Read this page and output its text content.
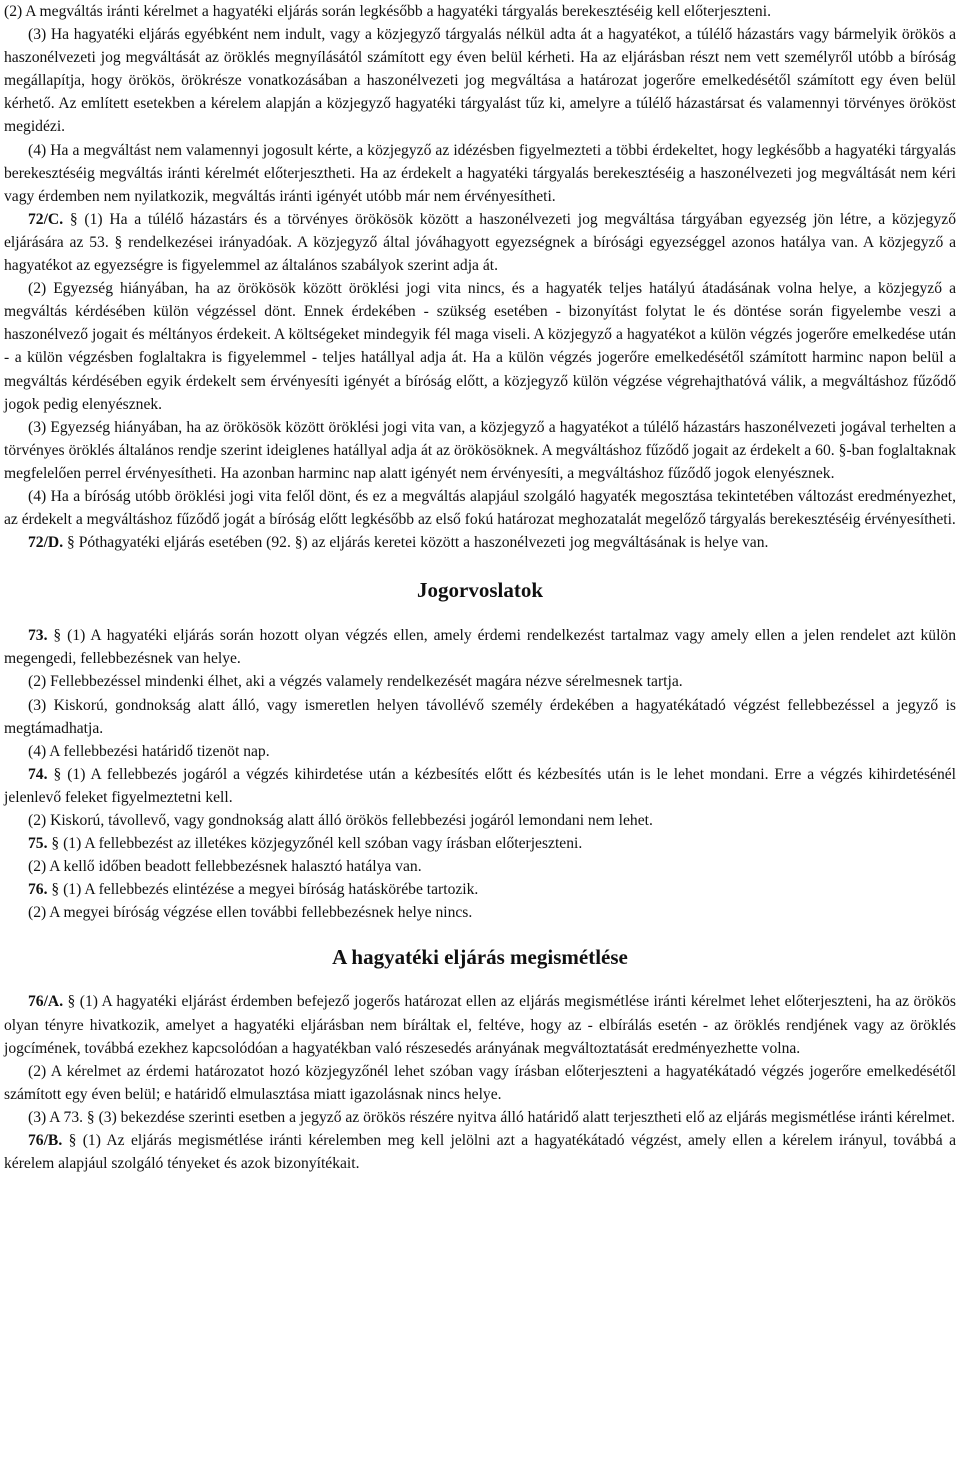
(2) A megváltás iránti kérelmet a hagyatéki eljárás során legkésőbb a hagyatéki tárgyalás berekesztéséig kell előterjeszteni.

(3) Ha hagyatéki eljárás egyébként nem indult, vagy a közjegyző tárgyalás nélkül adta át a hagyatékot, a túlélő házastárs vagy bármelyik örökös a haszonélvezeti jog megváltását az öröklés megnyílásától számított egy éven belül kérheti. Ha az eljárásban részt nem vett személyről utóbb a bíróság megállapítja, hogy örökös, örökrésze vonatkozásában a haszonélvezeti jog megváltása a határozat jogerőre emelkedésétől számított egy éven belül kérhető. Az említett esetekben a kérelem alapján a közjegyző hagyatéki tárgyalást tűz ki, amelyre a túlélő házastársat és valamennyi törvényes örököst megidézi.

(4) Ha a megváltást nem valamennyi jogosult kérte, a közjegyző az idézésben figyelmezteti a többi érdekeltet, hogy legkésőbb a hagyatéki tárgyalás berekesztéséig megváltás iránti kérelmét előterjesztheti. Ha az érdekelt a hagyatéki tárgyalás berekesztéséig a haszonélvezeti jog megváltását nem kéri vagy érdemben nem nyilatkozik, megváltás iránti igényét utóbb már nem érvényesítheti.

72/C. § (1) Ha a túlélő házastárs és a törvényes örökösök között a haszonélvezeti jog megváltása tárgyában egyezség jön létre, a közjegyző eljárására az 53. § rendelkezései irányadóak. A közjegyző által jóváhagyott egyezségnek a bírósági egyezséggel azonos hatálya van. A közjegyző a hagyatékot az egyezségre is figyelemmel az általános szabályok szerint adja át.

(2) Egyezség hiányában, ha az örökösök között öröklési jogi vita nincs, és a hagyaték teljes hatályú átadásának volna helye, a közjegyző a megváltás kérdésében külön végzéssel dönt. Ennek érdekében - szükség esetében - bizonyítást folytat le és döntése során figyelembe veszi a haszonélvező jogait és méltányos érdekeit. A költségeket mindegyik fél maga viseli. A közjegyző a hagyatékot a külön végzés jogerőre emelkedése után - a külön végzésben foglaltakra is figyelemmel - teljes hatállyal adja át. Ha a külön végzés jogerőre emelkedésétől számított harminc napon belül a megváltás kérdésében egyik érdekelt sem érvényesíti igényét a bíróság előtt, a közjegyző külön végzése végrehajthatóvá válik, a megváltáshoz fűződő jogok pedig elenyésznek.

(3) Egyezség hiányában, ha az örökösök között öröklési jogi vita van, a közjegyző a hagyatékot a túlélő házastárs haszonélvezeti jogával terhelten a törvényes öröklés általános rendje szerint ideiglenes hatállyal adja át az örökösöknek. A megváltáshoz fűződő jogait az érdekelt a 60. §-ban foglaltaknak megfelelően perrel érvényesítheti. Ha azonban harminc nap alatt igényét nem érvényesíti, a megváltáshoz fűződő jogok elenyésznek.

(4) Ha a bíróság utóbb öröklési jogi vita felől dönt, és ez a megváltás alapjául szolgáló hagyaték megosztása tekintetében változást eredményezhet, az érdekelt a megváltáshoz fűződő jogát a bíróság előtt legkésőbb az első fokú határozat meghozatalát megelőző tárgyalás berekesztéséig érvényesítheti.

72/D. § Póthagyatéki eljárás esetében (92. §) az eljárás keretei között a haszonélvezeti jog megváltásának is helye van.

Jogorvoslatok

73. § (1) A hagyatéki eljárás során hozott olyan végzés ellen, amely érdemi rendelkezést tartalmaz vagy amely ellen a jelen rendelet azt külön megengedi, fellebbezésnek van helye.

(2) Fellebbezéssel mindenki élhet, aki a végzés valamely rendelkezését magára nézve sérelmesnek tartja.

(3) Kiskorú, gondnokság alatt álló, vagy ismeretlen helyen távollévő személy érdekében a hagyatékátadó végzést fellebbezéssel a jegyző is megtámadhatja.

(4) A fellebbezési határidő tizenöt nap.

74. § (1) A fellebbezés jogáról a végzés kihirdetése után a kézbesítés előtt és kézbesítés után is le lehet mondani. Erre a végzés kihirdetésénél jelenlevő feleket figyelmeztetni kell.

(2) Kiskorú, távollevő, vagy gondnokság alatt álló örökös fellebbezési jogáról lemondani nem lehet.

75. § (1) A fellebbezést az illetékes közjegyzőnél kell szóban vagy írásban előterjeszteni.

(2) A kellő időben beadott fellebbezésnek halasztó hatálya van.

76. § (1) A fellebbezés elintézése a megyei bíróság hatáskörébe tartozik.

(2) A megyei bíróság végzése ellen további fellebbezésnek helye nincs.

A hagyatéki eljárás megismétlése

76/A. § (1) A hagyatéki eljárást érdemben befejező jogerős határozat ellen az eljárás megismétlése iránti kérelmet lehet előterjeszteni, ha az örökös olyan tényre hivatkozik, amelyet a hagyatéki eljárásban nem bíráltak el, feltéve, hogy az - elbírálás esetén - az öröklés rendjének vagy az öröklés jogcímének, továbbá ezekhez kapcsolódóan a hagyatékban való részesedés arányának megváltoztatását eredményezhette volna.

(2) A kérelmet az érdemi határozatot hozó közjegyzőnél lehet szóban vagy írásban előterjeszteni a hagyatékátadó végzés jogerőre emelkedésétől számított egy éven belül; e határidő elmulasztása miatt igazolásnak nincs helye.

(3) A 73. § (3) bekezdése szerinti esetben a jegyző az örökös részére nyitva álló határidő alatt terjesztheti elő az eljárás megismétlése iránti kérelmet.

76/B. § (1) Az eljárás megismétlése iránti kérelemben meg kell jelölni azt a hagyatékátadó végzést, amely ellen a kérelem irányul, továbbá a kérelem alapjául szolgáló tényeket és azok bizonyítékait.
